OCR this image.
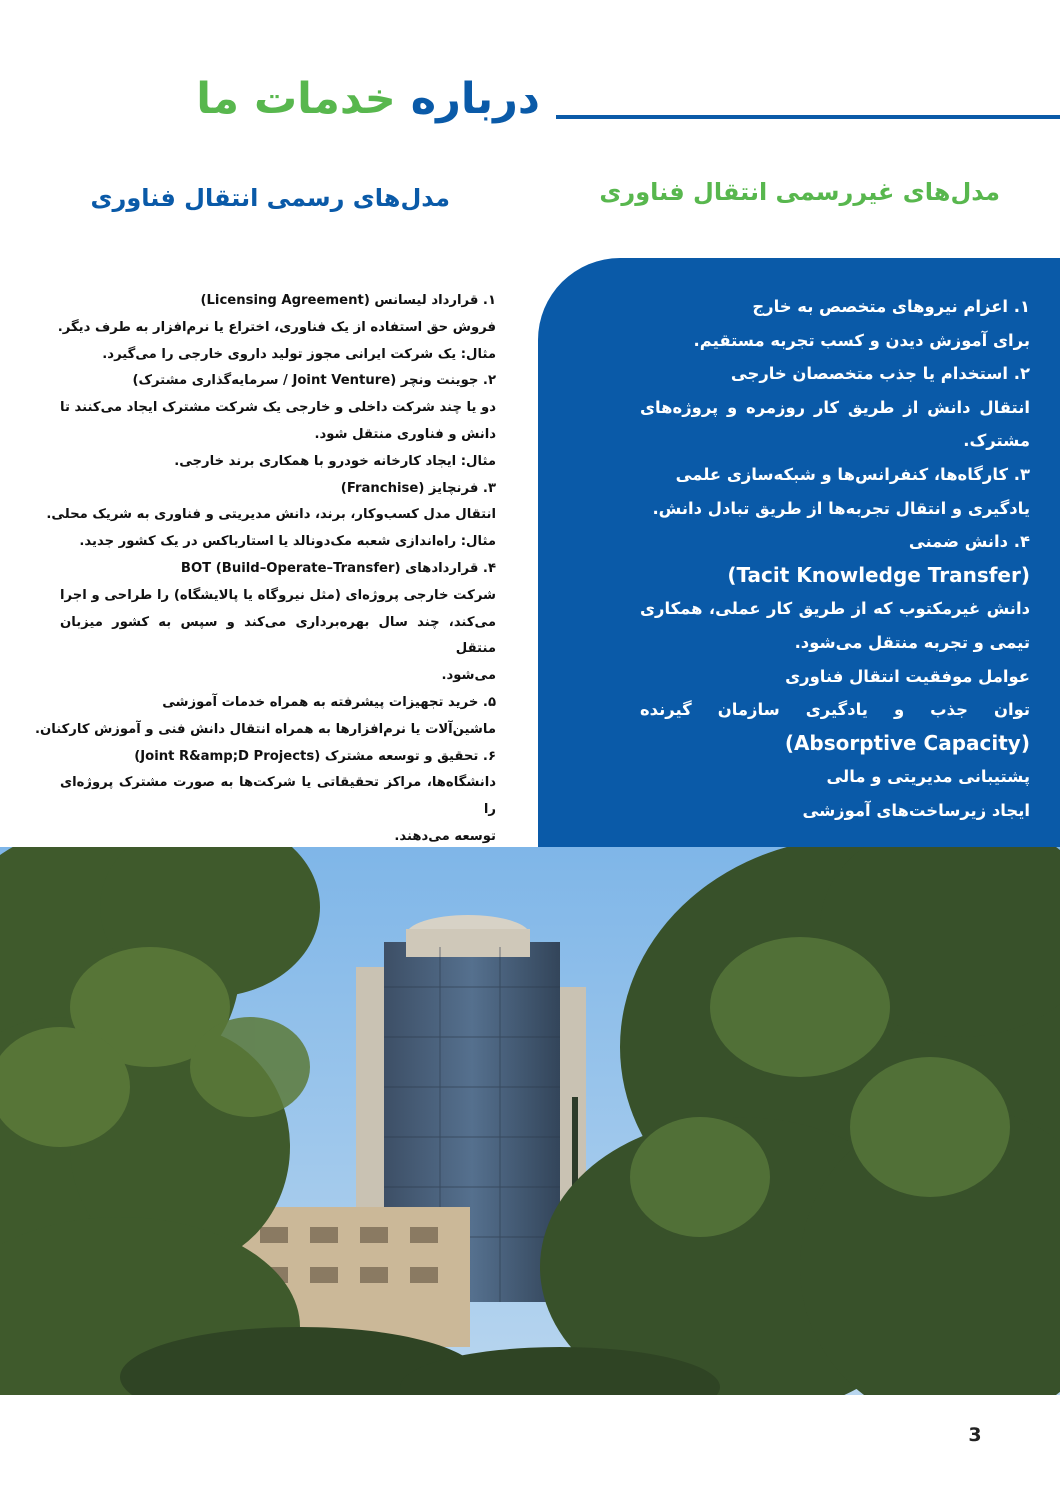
درباره خدمات ما
مدل‌های غیررسمی انتقال فناوری
مدل‌های رسمی انتقال فناوری
۱. قرارداد لیسانس (Licensing Agreement)
فروش حق استفاده از یک فناوری، اختراع یا نرم‌افزار به طرف دیگر.
مثال: یک شرکت ایرانی مجوز تولید داروی خارجی را می‌گیرد.
۲. جوینت ونچر (Joint Venture / سرمایه‌گذاری مشترک)
دو یا چند شرکت داخلی و خارجی یک شرکت مشترک ایجاد می‌کنند تا
دانش و فناوری منتقل شود.
مثال: ایجاد کارخانه خودرو با همکاری برند خارجی.
۳. فرنچایز (Franchise)
انتقال مدل کسب‌وکار، برند، دانش مدیریتی و فناوری به شریک محلی.
مثال: راه‌اندازی شعبه مک‌دونالد یا استارباکس در یک کشور جدید.
۴. قراردادهای BOT (Build–Operate–Transfer)
شرکت خارجی پروژه‌ای (مثل نیروگاه یا پالایشگاه) را طراحی و اجرا
می‌کند، چند سال بهره‌برداری می‌کند و سپس به کشور میزبان منتقل
می‌شود.
۵. خرید تجهیزات پیشرفته به همراه خدمات آموزشی
ماشین‌آلات یا نرم‌افزارها به همراه انتقال دانش فنی و آموزش کارکنان.
۶. تحقیق و توسعه مشترک (Joint R&amp;D Projects)
دانشگاه‌ها، مراکز تحقیقاتی یا شرکت‌ها به صورت مشترک پروژه‌ای را
توسعه می‌دهند.
۱. اعزام نیروهای متخصص به خارج
برای آموزش دیدن و کسب تجربه مستقیم.
۲. استخدام یا جذب متخصصان خارجی
انتقال دانش از طریق کار روزمره و پروژه‌های
مشترک.
۳. کارگاه‌ها، کنفرانس‌ها و شبکه‌سازی علمی
یادگیری و انتقال تجربه‌ها از طریق تبادل دانش.
۴. دانش ضمنی
(Tacit Knowledge Transfer)
دانش غیرمکتوب که از طریق کار عملی، همکاری
تیمی و تجربه منتقل می‌شود.
عوامل موفقیت انتقال فناوری
توان جذب و یادگیری سازمان گیرنده
(Absorptive Capacity)
پشتیبانی مدیریتی و مالی
ایجاد زیرساخت‌های آموزشی
3
